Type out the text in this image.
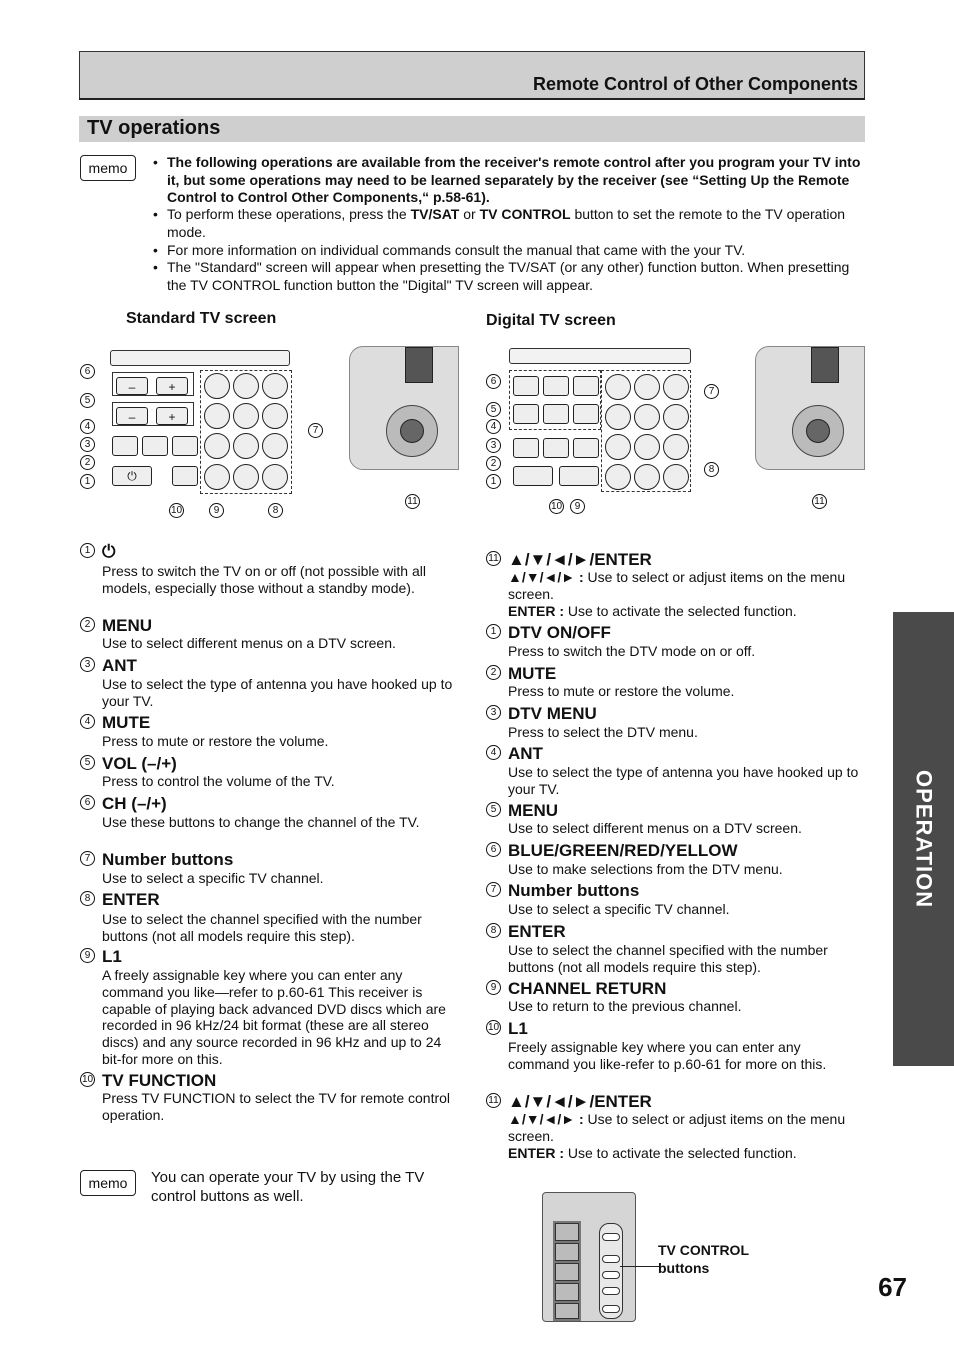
Remote Control of Other Components
TV operations
memo	• The following operations are available from the receiver's remote control after you program your TV into it, but some operations may need to be learned separately by the receiver (see “Setting Up the Remote Control to Control Other Components,“ p.58-61).
• To perform these operations, press the TV/SAT or TV CONTROL button to set the remote to the TV operation mode.
• For more information on individual commands consult the manual that came with the your TV.
• The "Standard" screen will appear when presetting the TV/SAT (or any other) function button. When presetting the TV CONTROL function button the "Digital" TV screen will appear.
Standard TV screen	Digital TV screen
–	+
–	+
⏻
6
5
4
3
2
1
7
10	9	8
11
6
5
4
3
2
1
7
8
10	9	11
1 ⏻
Press to switch the TV on or off (not possible with all models, especially those without a standby mode).
2 MENU
Use to select different menus on a DTV screen.
3 ANT
Use to select the type of antenna you have hooked up to your TV.
4 MUTE
Press to mute or restore the volume.
5 VOL (–/+)
Press to control the volume of the TV.
6 CH (–/+)
Use these buttons to change the channel of the TV.
7 Number buttons
Use to select a specific TV channel.
8 ENTER
Use to select the channel specified with the number buttons (not all models require this step).
9 L1
A freely assignable key where you can enter any command you like—refer to p.60-61 This receiver is capable of playing back advanced DVD discs which are recorded in 96 kHz/24 bit format (these are all stereo discs) and any source recorded in 96 kHz and up to 24 bit-for more on this.
10 TV FUNCTION
Press TV FUNCTION to select the TV for remote control operation.
memo	You can operate your TV by using the TV control buttons as well.
11 ▲/▼/◄/►/ENTER
▲/▼/◄/► : Use to select or adjust items on the menu screen.
ENTER : Use to activate the selected function.
1 DTV ON/OFF
Press to switch the DTV mode on or off.
2 MUTE
Press to mute or restore the volume.
3 DTV MENU
Press to select the DTV menu.
4 ANT
Use to select the type of antenna you have hooked up to your TV.
5 MENU
Use to select different menus on a DTV screen.
6 BLUE/GREEN/RED/YELLOW
Use to make selections from the DTV menu.
7 Number buttons
Use to select a specific TV channel.
8 ENTER
Use to select the channel specified with the number buttons (not all models require this step).
9 CHANNEL RETURN
Use to return to the previous channel.
10 L1
Freely assignable key where you can enter any command you like-refer to p.60-61 for more on this.
11 ▲/▼/◄/►/ENTER
▲/▼/◄/► : Use to select or adjust items on the menu screen.
ENTER : Use to activate the selected function.
TV CONTROL buttons
OPERATION
67
